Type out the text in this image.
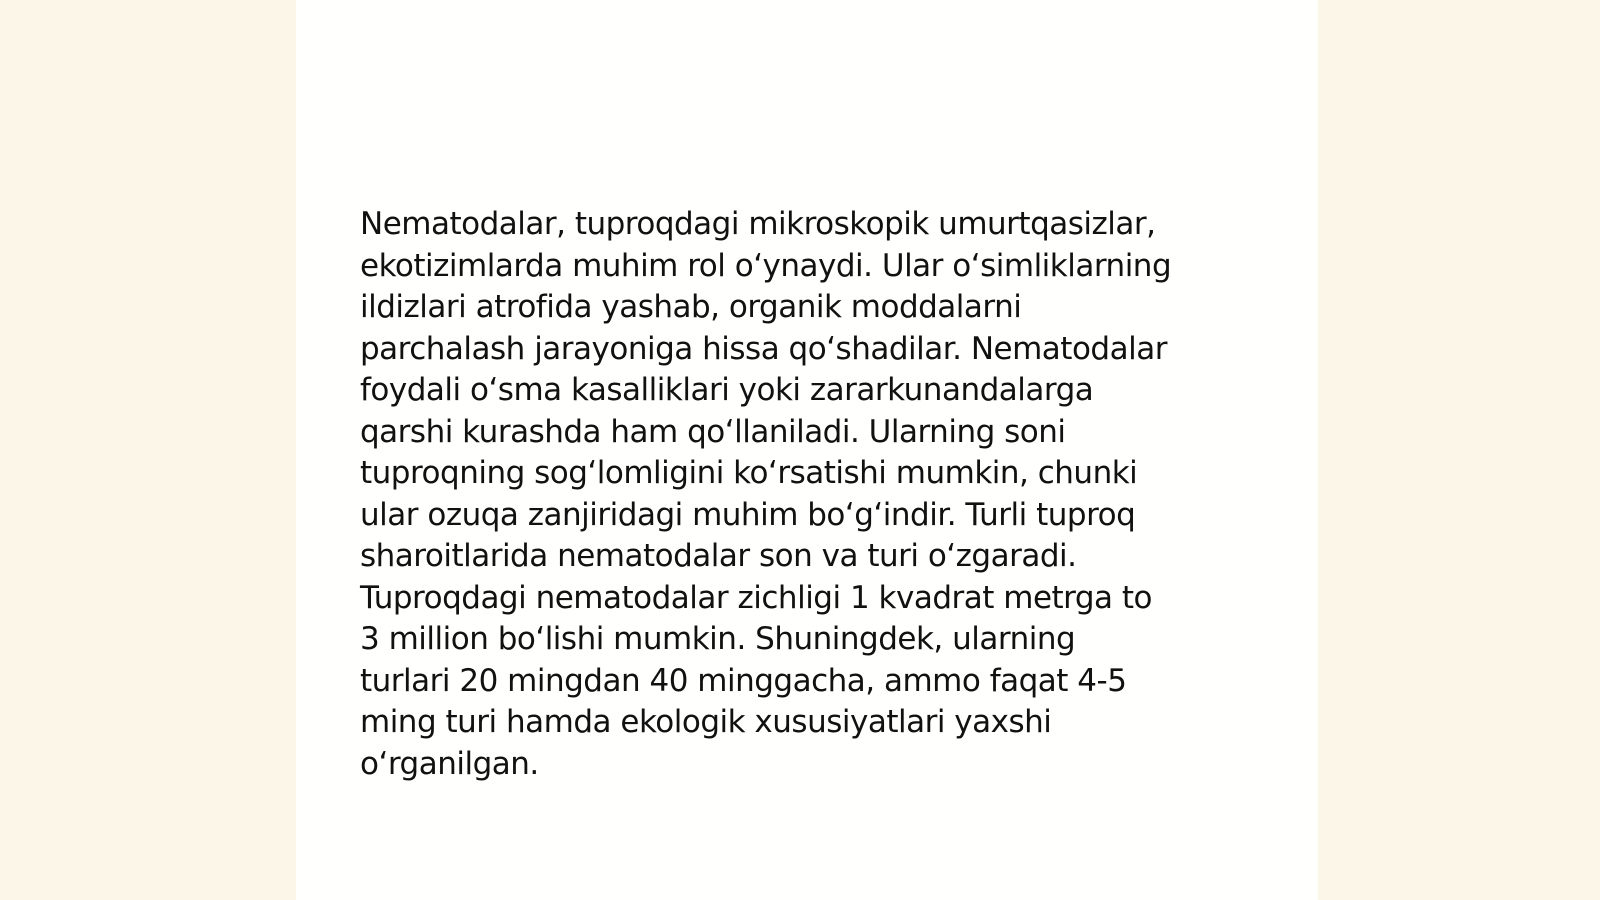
Nematodalar, tuproqdagi mikroskopik umurtqasizlar,
ekotizimlarda muhim rol oʻynaydi. Ular oʻsimliklarning
ildizlari atrofida yashab, organik moddalarni
parchalash jarayoniga hissa qoʻshadilar. Nematodalar
foydali oʻsma kasalliklari yoki zararkunandalarga
qarshi kurashda ham qoʻllaniladi. Ularning soni
tuproqning sogʻlomligini koʻrsatishi mumkin, chunki
ular ozuqa zanjiridagi muhim boʻgʻindir. Turli tuproq
sharoitlarida nematodalar son va turi oʻzgaradi.
Tuproqdagi nematodalar zichligi 1 kvadrat metrga to
3 million boʻlishi mumkin. Shuningdek, ularning
turlari 20 mingdan 40 minggacha, ammo faqat 4-5
ming turi hamda ekologik xususiyatlari yaxshi
oʻrganilgan.
